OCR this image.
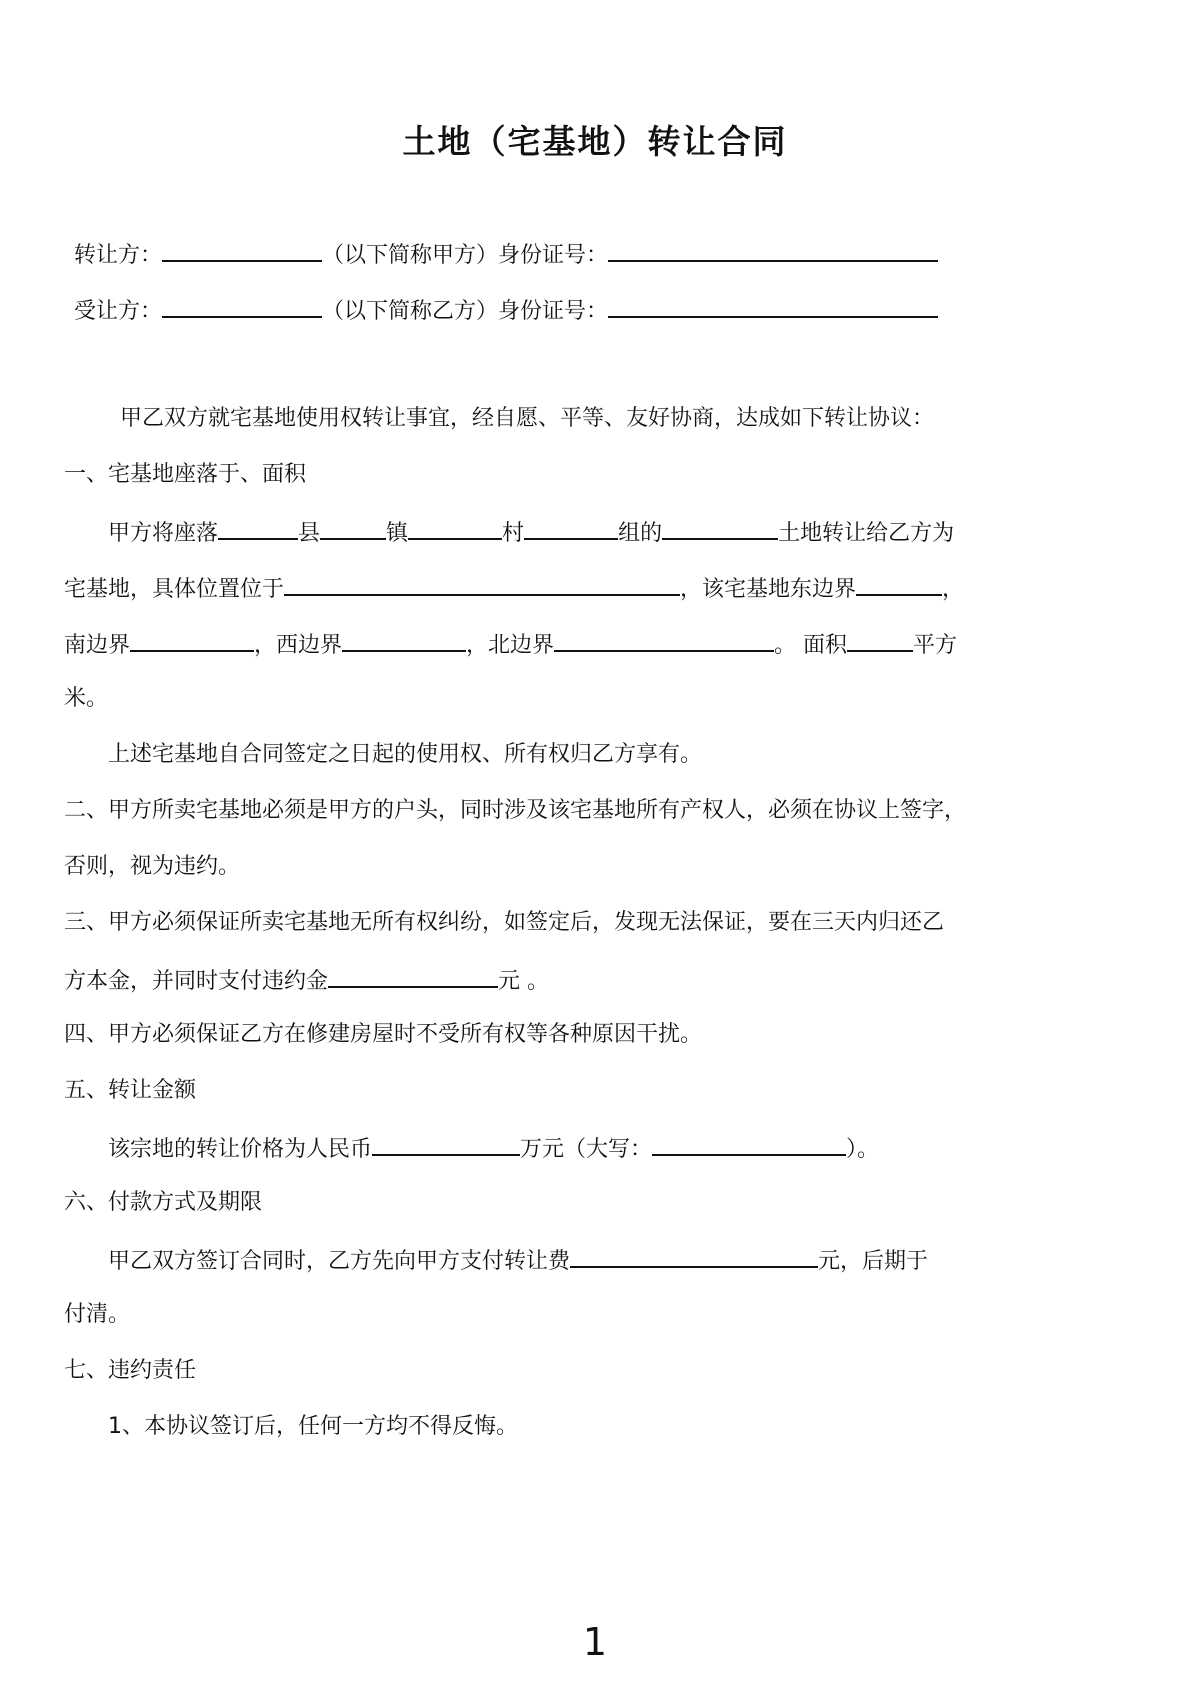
土地（宅基地）转让合同
转让方：	（以下简称甲方）身份证号：
受让方：	（以下简称乙方）身份证号：
甲乙双方就宅基地使用权转让事宜，经自愿、平等、友好协商，达成如下转让协议：
一、宅基地座落于、面积
甲方将座落	县	镇	村	组的	土地转让给乙方为
宅基地，具体位置位于	，该宅基地东边界	，
南边界	，西边界	，北边界	。 面积	平方
米。
上述宅基地自合同签定之日起的使用权、所有权归乙方享有。
二、甲方所卖宅基地必须是甲方的户头，同时涉及该宅基地所有产权人，必须在协议上签字，
否则，视为违约。
三、甲方必须保证所卖宅基地无所有权纠纷，如签定后，发现无法保证，要在三天内归还乙
方本金，并同时支付违约金	元 。
四、甲方必须保证乙方在修建房屋时不受所有权等各种原因干扰。
五、转让金额
该宗地的转让价格为人民币	万元（大写：	）。
六、付款方式及期限
甲乙双方签订合同时，乙方先向甲方支付转让费	元，后期于
付清。
七、违约责任
1、本协议签订后，任何一方均不得反悔。
1
